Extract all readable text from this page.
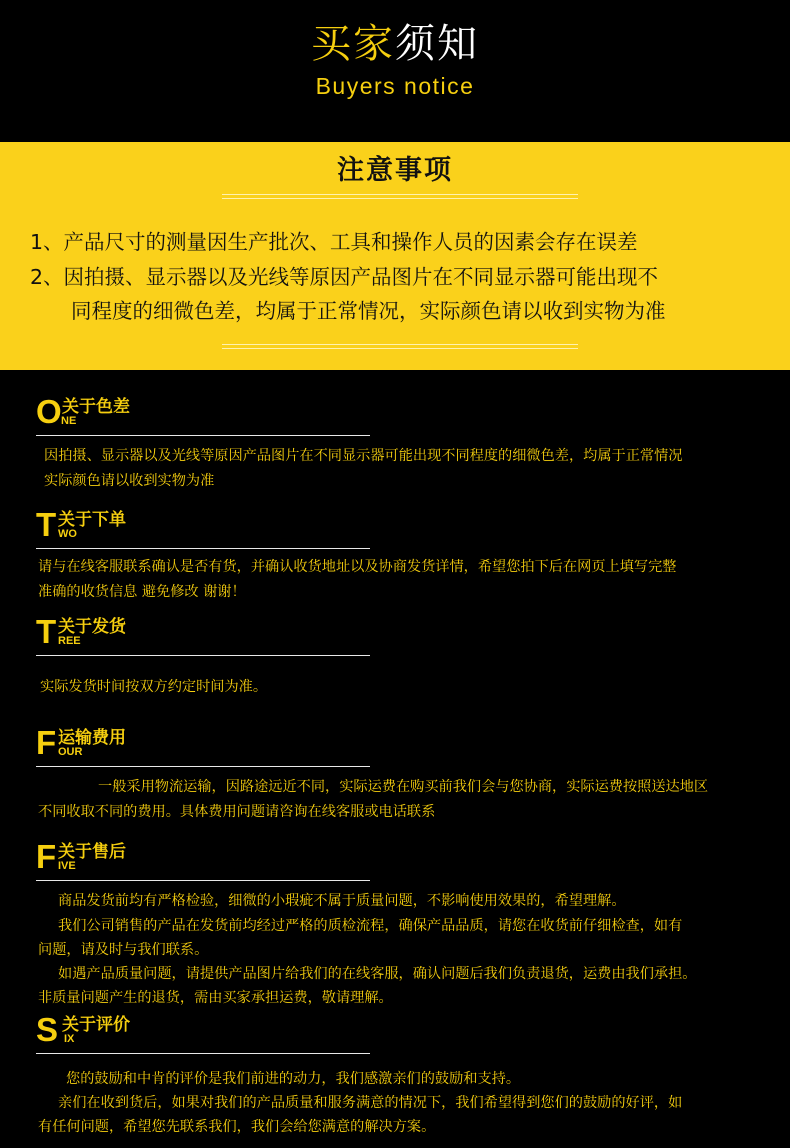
买家须知
Buyers notice
注意事项
1、产品尺寸的测量因生产批次、工具和操作人员的因素会存在误差
2、因拍摄、显示器以及光线等原因产品图片在不同显示器可能出现不
同程度的细微色差，均属于正常情况，实际颜色请以收到实物为准
O 关于色差
NE
因拍摄、显示器以及光线等原因产品图片在不同显示器可能出现不同程度的细微色差，均属于正常情况
实际颜色请以收到实物为准
T 关于下单
WO
请与在线客服联系确认是否有货，并确认收货地址以及协商发货详情，希望您拍下后在网页上填写完整
准确的收货信息 避免修改 谢谢！
T 关于发货
REE
实际发货时间按双方约定时间为准。
F 运输费用
OUR
一般采用物流运输，因路途远近不同，实际运费在购买前我们会与您协商，实际运费按照送达地区
不同收取不同的费用。具体费用问题请咨询在线客服或电话联系
F 关于售后
IVE
商品发货前均有严格检验，细微的小瑕疵不属于质量问题，不影响使用效果的，希望理解。
我们公司销售的产品在发货前均经过严格的质检流程，确保产品品质，请您在收货前仔细检查，如有
问题，请及时与我们联系。
如遇产品质量问题，请提供产品图片给我们的在线客服，确认问题后我们负责退货，运费由我们承担。
非质量问题产生的退货，需由买家承担运费，敬请理解。
S 关于评价
IX
您的鼓励和中肯的评价是我们前进的动力，我们感激亲们的鼓励和支持。
亲们在收到货后，如果对我们的产品质量和服务满意的情况下，我们希望得到您们的鼓励的好评，如
有任何问题，希望您先联系我们，我们会给您满意的解决方案。
